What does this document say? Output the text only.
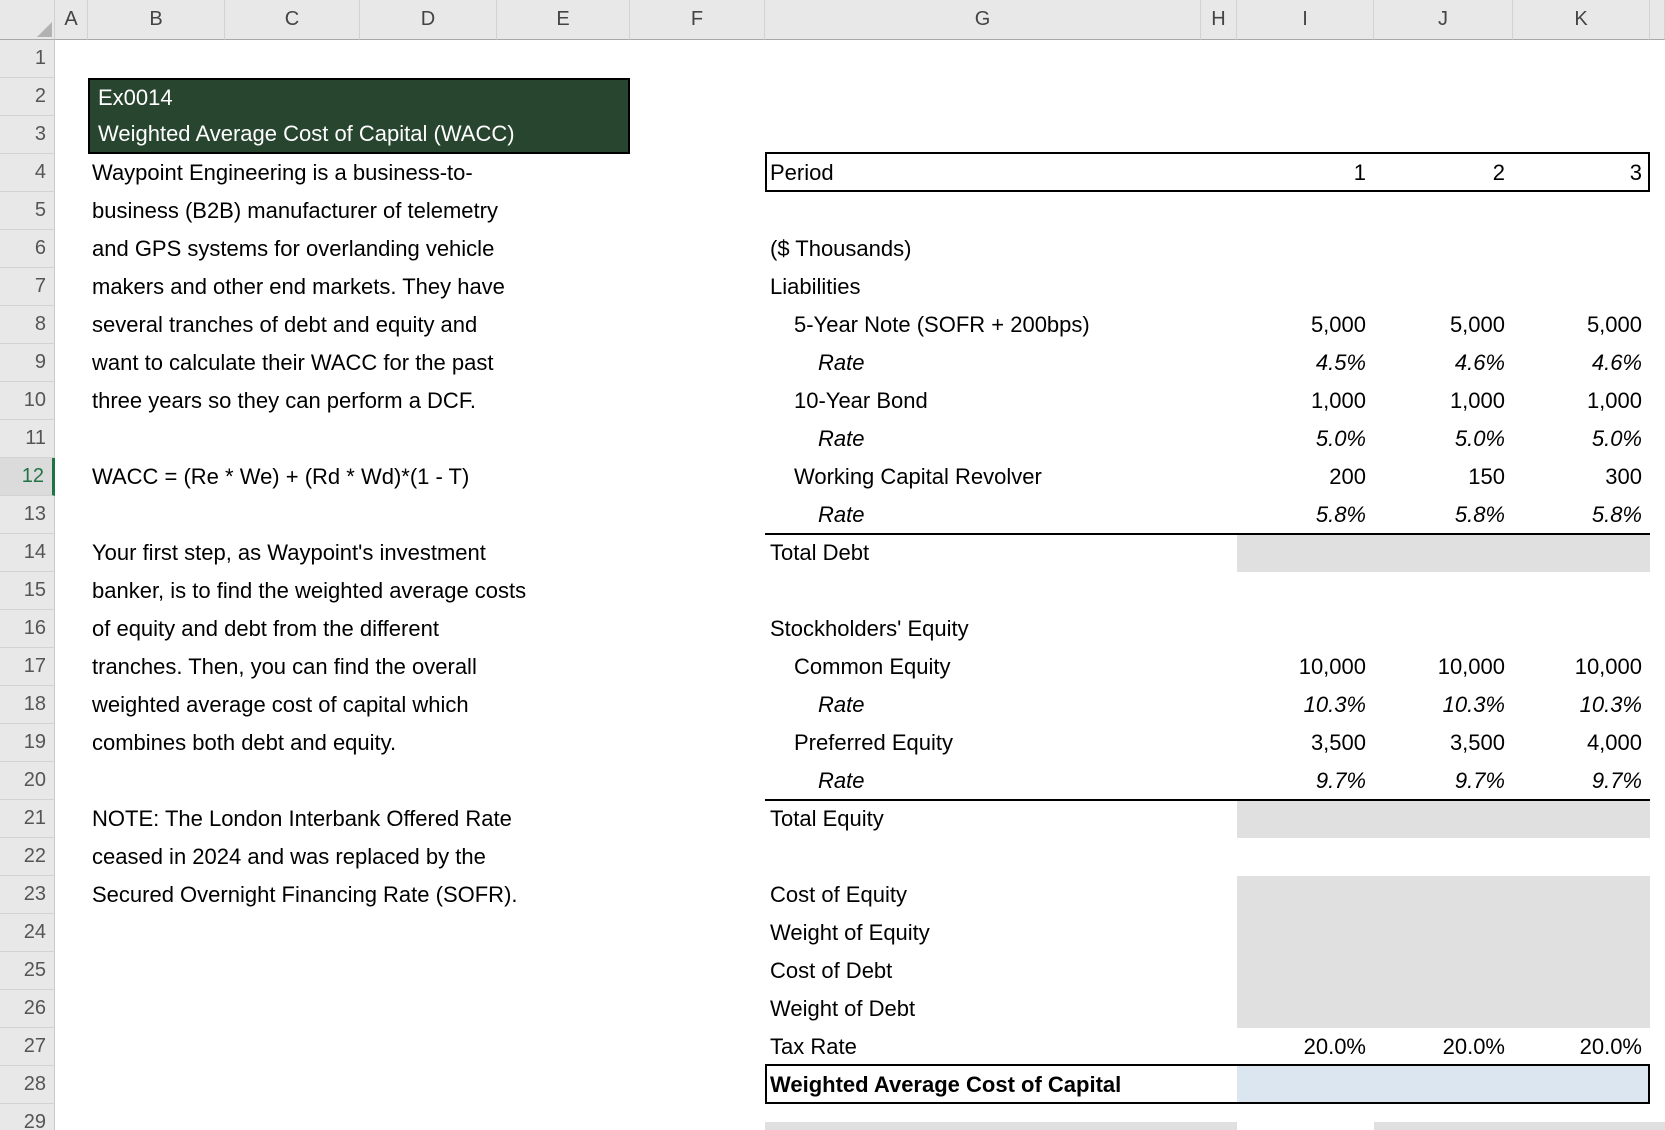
A	B	C	D	E	F	G	H	I	J	K
1
2
3
4
5
6
7
8
9
10
11
12
13
14
15
16
17
18
19
20
21
22
23
24
25
26
27
28
29
Ex0014
Weighted Average Cost of Capital (WACC)
Waypoint Engineering is a business-to-
business (B2B) manufacturer of telemetry
and GPS systems for overlanding vehicle
makers and other end markets. They have
several tranches of debt and equity and
want to calculate their WACC for the past
three years so they can perform a DCF.
WACC = (Re * We) + (Rd * Wd)*(1 - T)
Your first step, as Waypoint's investment
banker, is to find the weighted average costs
of equity and debt from the different
tranches. Then, you can find the overall
weighted average cost of capital which
combines both debt and equity.
NOTE: The London Interbank Offered Rate
ceased in 2024 and was replaced by the
Secured Overnight Financing Rate (SOFR).
Period	1	2	3
($ Thousands)
Liabilities
5-Year Note (SOFR + 200bps)	5,000	5,000	5,000
Rate	4.5%	4.6%	4.6%
10-Year Bond	1,000	1,000	1,000
Rate	5.0%	5.0%	5.0%
Working Capital Revolver	200	150	300
Rate	5.8%	5.8%	5.8%
Total Debt
Stockholders' Equity
Common Equity	10,000	10,000	10,000
Rate	10.3%	10.3%	10.3%
Preferred Equity	3,500	3,500	4,000
Rate	9.7%	9.7%	9.7%
Total Equity
Cost of Equity
Weight of Equity
Cost of Debt
Weight of Debt
Tax Rate	20.0%	20.0%	20.0%
Weighted Average Cost of Capital
